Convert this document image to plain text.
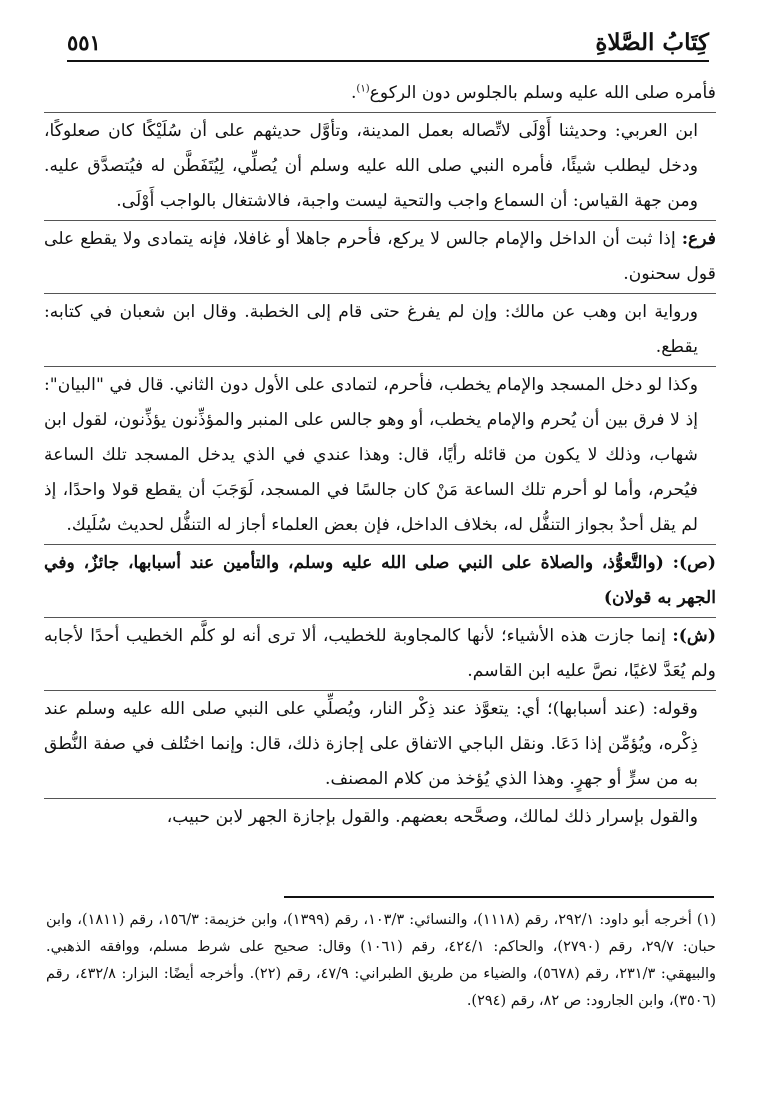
كِتَابُ الصَّلاةِ
٥٥١

فأمره صلى الله عليه وسلم بالجلوس دون الركوع$^{(١)}$.

ابن العربي: وحديثنا أَوْلَى لاتِّصاله بعمل المدينة، وتأوَّل حديثهم على أن سُلَيْكًا كان صعلوكًا، ودخل ليطلب شيئًا، فأمره النبي صلى الله عليه وسلم أن يُصلِّي، لِيُتَفَطَّن له فيُتصدَّق عليه. ومن جهة القياس: أن السماع واجب والتحية ليست واجبة، فالاشتغال بالواجب أَوْلَى.

فرع: إذا ثبت أن الداخل والإمام جالس لا يركع، فأحرم جاهلا أو غافلا، فإنه يتمادى ولا يقطع على قول سحنون.

ورواية ابن وهب عن مالك: وإن لم يفرغ حتى قام إلى الخطبة. وقال ابن شعبان في كتابه: يقطع.

وكذا لو دخل المسجد والإمام يخطب، فأحرم، لتمادى على الأول دون الثاني. قال في "البيان": إذ لا فرق بين أن يُحرم والإمام يخطب، أو وهو جالس على المنبر والمؤذِّنون يؤذِّنون، لقول ابن شهاب، وذلك لا يكون من قائله رأيًا، قال: وهذا عندي في الذي يدخل المسجد تلك الساعة فيُحرم، وأما لو أحرم تلك الساعة مَنْ كان جالسًا في المسجد، لَوَجَبَ أن يقطع قولا واحدًا، إذ لم يقل أحدٌ بجواز التنفُّل له، بخلاف الداخل، فإن بعض العلماء أجاز له التنفُّل لحديث سُلَيك.

(ص): (والتَّعوُّذ، والصلاة على النبي صلى الله عليه وسلم، والتأمين عند أسبابها، جائزٌ، وفي الجهر به قولان)

(ش): إنما جازت هذه الأشياء؛ لأنها كالمجاوبة للخطيب، ألا ترى أنه لو كلَّم الخطيب أحدًا لأجابه ولم يُعَدَّ لاغيًا، نصَّ عليه ابن القاسم.

وقوله: (عند أسبابها)؛ أي: يتعوَّذ عند ذِكْر النار، ويُصلِّي على النبي صلى الله عليه وسلم عند ذِكْره، ويُؤمِّن إذا دَعَا. ونقل الباجي الاتفاق على إجازة ذلك، قال: وإنما اختُلف في صفة النُّطق به من سرٍّ أو جهرٍ. وهذا الذي يُؤخذ من كلام المصنف.

والقول بإسرار ذلك لمالك، وصحَّحه بعضهم. والقول بإجازة الجهر لابن حبيب،

(١) أخرجه أبو داود: ٢٩٢/١، رقم (١١١٨)، والنسائي: ١٠٣/٣، رقم (١٣٩٩)، وابن خزيمة: ١٥٦/٣، رقم (١٨١١)، وابن حبان: ٢٩/٧، رقم (٢٧٩٠)، والحاكم: ٤٢٤/١، رقم (١٠٦١) وقال: صحيح على شرط مسلم، ووافقه الذهبي. والبيهقي: ٢٣١/٣، رقم (٥٦٧٨)، والضياء من طريق الطبراني: ٤٧/٩، رقم (٢٢). وأخرجه أيضًا: البزار: ٤٣٢/٨، رقم (٣٥٠٦)، وابن الجارود: ص ٨٢، رقم (٢٩٤).
